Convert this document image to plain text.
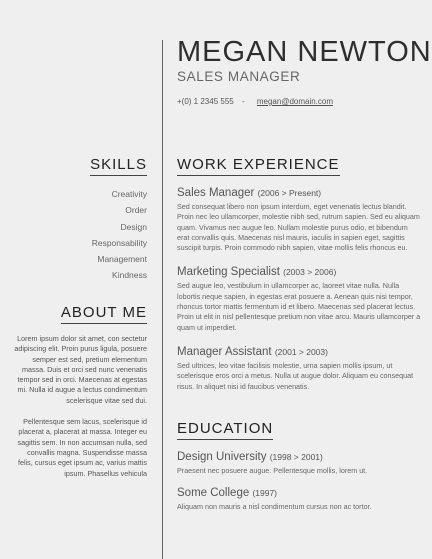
MEGAN NEWTON
SALES MANAGER
+(0) 1 2345 555 - megan@domain.com
SKILLS
Creativity
Order
Design
Responsability
Management
Kindness
ABOUT ME

Lorem ipsum dolor sit amet, con sectetur adipiscing elit. Proin purus ligula, posuere semper est sed, pretium elementum massa. Duis et orci sed nunc venenatis tempor sed in orci. Maecenas at egestas mi. Nulla id augue a lectus condimentum scelerisque vitae sed dui.

Pellentesque sem lacus, scelerisque id placerat a, placerat at massa. Integer eu sagittis sem. In non accumsan nulla, sed convallis magna. Suspendisse massa felis, cursus eget ipsum ac, varius mattis ipsum. Phasellus vehicula

WORK EXPERIENCE
Sales Manager (2006 > Present)

Sed consequat libero non ipsum interdum, eget venenatis lectus blandit. Proin nec leo ullamcorper, molestie nibh sed, rutrum sapien. Sed eu aliquam quam. Vivamus nec augue leo. Nullam molestie purus odio, et bibendum erat convallis quis. Maecenas nisl mauris, iaculis in sapien eget, sagittis suscipit turpis. Proin commodo nibh sapien, vitae mollis felis rhoncus eu.

Marketing Specialist (2003 > 2006)

Sed augue leo, vestibulum in ullamcorper ac, laoreet vitae nulla. Nulla lobortis neque sapien, in egestas erat posuere a. Aenean quis nisi tempor, rhoncus tortor mattis fermentum id et libero. Maecenas sed placerat lectus. Proin ut elit in nisl pellentesque pretium non vitae arcu. Mauris ullamcorper a quam ut imperdiet.

Manager Assistant (2001 > 2003)

Sed ultrices, leo vitae facilisis molestie, urna sapien mollis ipsum, ut scelerisque eros orci a metus. Nulla ut augue dolor. Aliquam eu consequat risus. In aliquet nisi id faucibus venenatis.

EDUCATION
Design University (1998 > 2001)

Praesent nec posuere augue. Pellentesque mollis, lorem ut.

Some College (1997)

Aliquam non mauris a nisl condimentum cursus non ac tortor.
